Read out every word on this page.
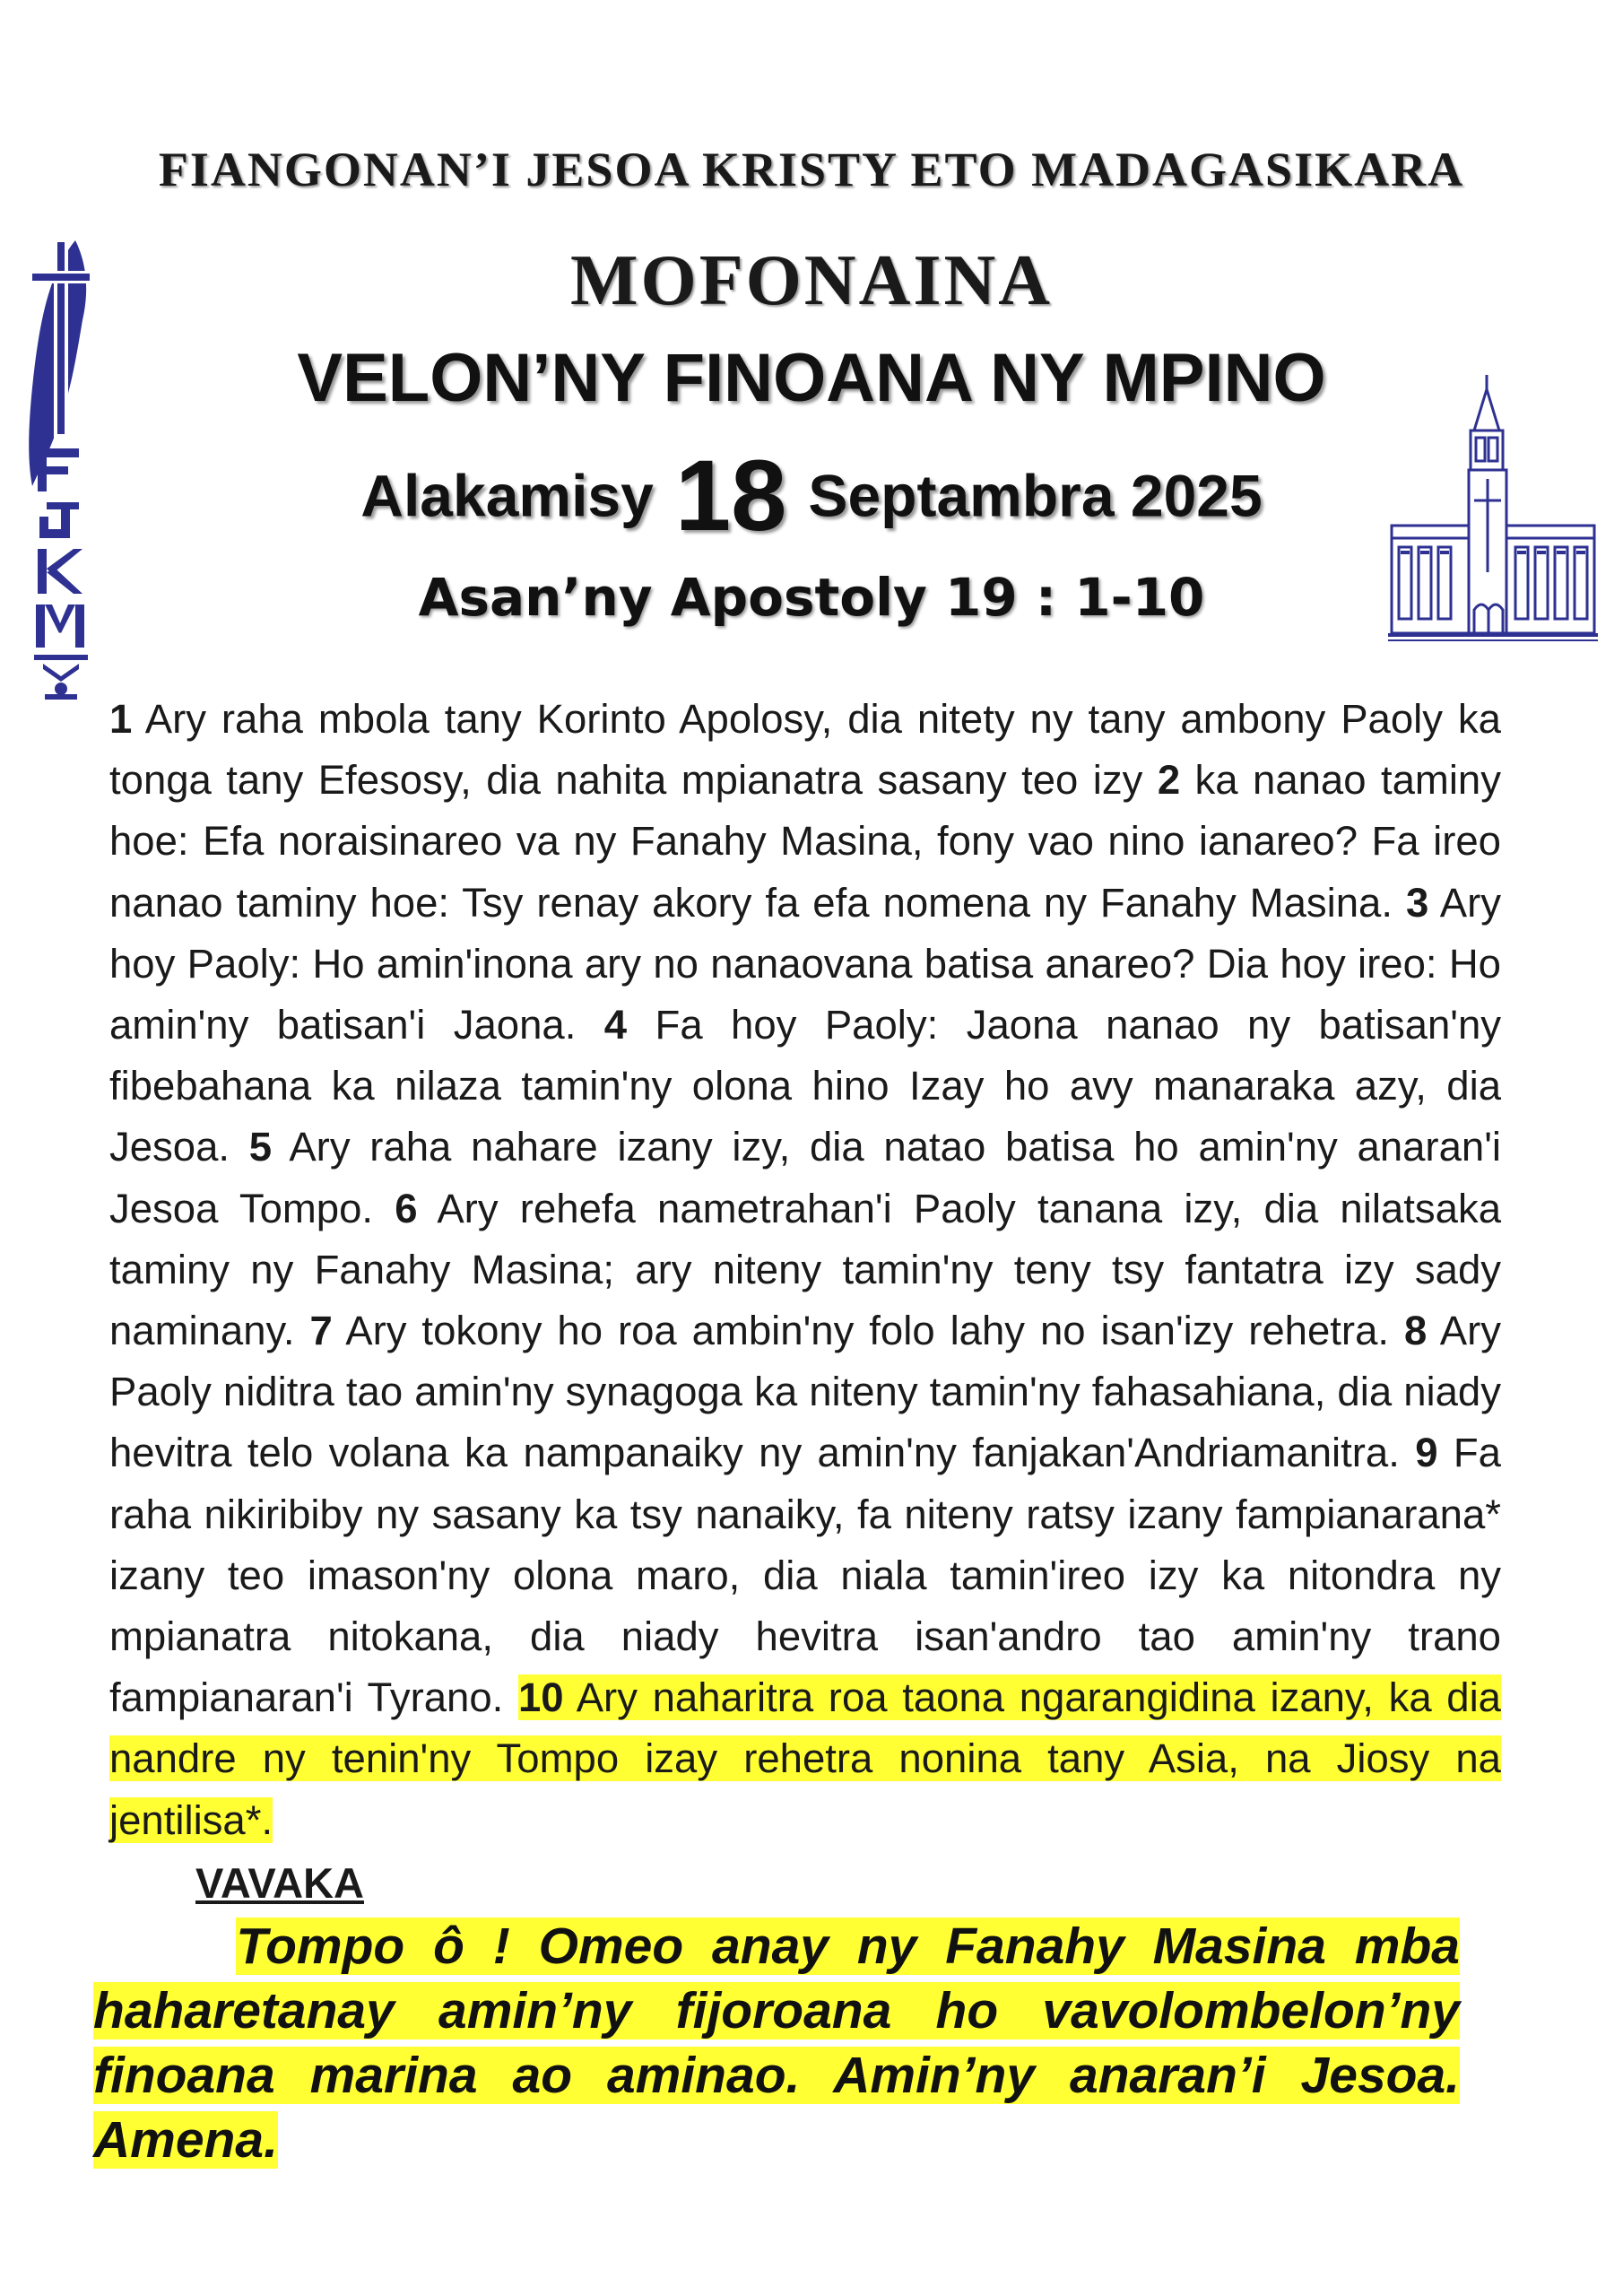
FIANGONAN’I JESOA KRISTY ETO MADAGASIKARA
MOFONAINA
VELON’NY FINOANA NY MPINO
Alakamisy 18 Septambra 2025
Asan’ny Apostoly 19 : 1-10

1 Ary raha mbola tany Korinto Apolosy, dia nitety ny tany ambony Paoly ka tonga tany Efesosy, dia nahita mpianatra sasany teo izy 2 ka nanao taminy hoe: Efa noraisinareo va ny Fanahy Masina, fony vao nino ianareo? Fa ireo nanao taminy hoe: Tsy renay akory fa efa nomena ny Fanahy Masina. 3 Ary hoy Paoly: Ho amin'inona ary no nanaovana batisa anareo? Dia hoy ireo: Ho amin'ny batisan'i Jaona. 4 Fa hoy Paoly: Jaona nanao ny batisan'ny fibebahana ka nilaza tamin'ny olona hino Izay ho avy manaraka azy, dia Jesoa. 5 Ary raha nahare izany izy, dia natao batisa ho amin'ny anaran'i Jesoa Tompo. 6 Ary rehefa nametrahan'i Paoly tanana izy, dia nilatsaka taminy ny Fanahy Masina; ary niteny tamin'ny teny tsy fantatra izy sady naminany. 7 Ary tokony ho roa ambin'ny folo lahy no isan'izy rehetra. 8 Ary Paoly niditra tao amin'ny synagoga ka niteny tamin'ny fahasahiana, dia niady hevitra telo volana ka nampanaiky ny amin'ny fanjakan'Andriamanitra. 9 Fa raha nikiribiby ny sasany ka tsy nanaiky, fa niteny ratsy izany fampianarana* izany teo imason'ny olona maro, dia niala tamin'ireo izy ka nitondra ny mpianatra nitokana, dia niady hevitra isan'andro tao amin'ny trano fampianaran'i Tyrano. 10 Ary naharitra roa taona ngarangidina izany, ka dia nandre ny tenin'ny Tompo izay rehetra nonina tany Asia, na Jiosy na jentilisa*.

VAVAKA

Tompo ô ! Omeo anay ny Fanahy Masina mba haharetanay amin’ny fijoroana ho vavolombelon’ny finoana marina ao aminao. Amin’ny anaran’i Jesoa. Amena.
